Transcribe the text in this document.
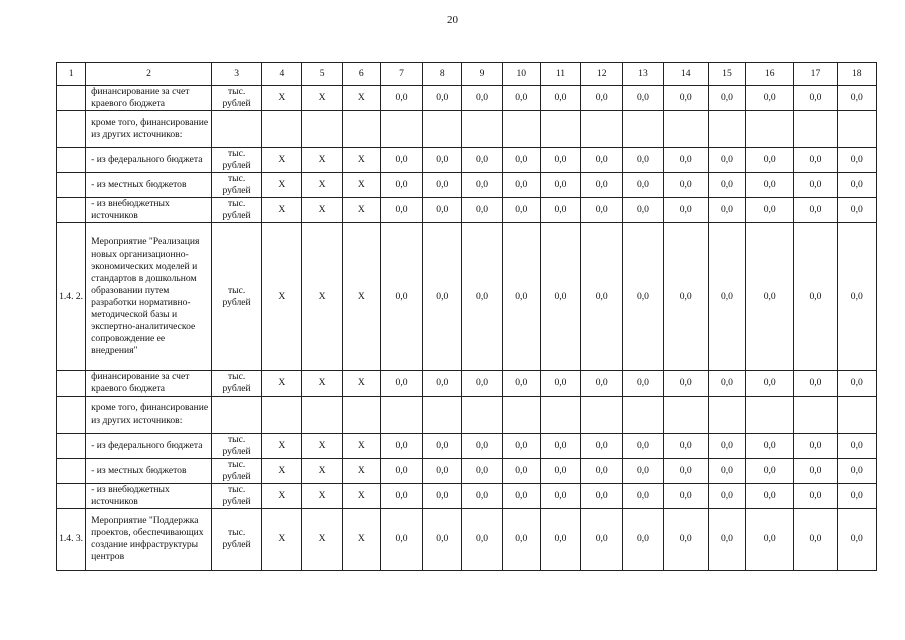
20
1	2	3	4	5	6	7	8	9	10	11	12	13	14	15	16	17	18
	финансирование за счет краевого бюджета	тыс. рублей	Х	Х	Х	0,0	0,0	0,0	0,0	0,0	0,0	0,0	0,0	0,0	0,0	0,0	0,0
	кроме того, финансирование из других источников:																
	- из федерального бюджета	тыс. рублей	Х	Х	Х	0,0	0,0	0,0	0,0	0,0	0,0	0,0	0,0	0,0	0,0	0,0	0,0
	- из местных бюджетов	тыс. рублей	Х	Х	Х	0,0	0,0	0,0	0,0	0,0	0,0	0,0	0,0	0,0	0,0	0,0	0,0
	- из внебюджетных источников	тыс. рублей	Х	Х	Х	0,0	0,0	0,0	0,0	0,0	0,0	0,0	0,0	0,0	0,0	0,0	0,0
1.4. 2.	Мероприятие "Реализация новых организационно-экономических моделей и стандартов в дошкольном образовании путем разработки нормативно-методической базы и экспертно-аналитическое сопровождение ее внедрения"	тыс. рублей	Х	Х	Х	0,0	0,0	0,0	0,0	0,0	0,0	0,0	0,0	0,0	0,0	0,0	0,0
	финансирование за счет краевого бюджета	тыс. рублей	Х	Х	Х	0,0	0,0	0,0	0,0	0,0	0,0	0,0	0,0	0,0	0,0	0,0	0,0
	кроме того, финансирование из других источников:																
	- из федерального бюджета	тыс. рублей	Х	Х	Х	0,0	0,0	0,0	0,0	0,0	0,0	0,0	0,0	0,0	0,0	0,0	0,0
	- из местных бюджетов	тыс. рублей	Х	Х	Х	0,0	0,0	0,0	0,0	0,0	0,0	0,0	0,0	0,0	0,0	0,0	0,0
	- из внебюджетных источников	тыс. рублей	Х	Х	Х	0,0	0,0	0,0	0,0	0,0	0,0	0,0	0,0	0,0	0,0	0,0	0,0
1.4. 3.	Мероприятие "Поддержка проектов, обеспечивающих создание инфраструктуры центров	тыс. рублей	Х	Х	Х	0,0	0,0	0,0	0,0	0,0	0,0	0,0	0,0	0,0	0,0	0,0	0,0
